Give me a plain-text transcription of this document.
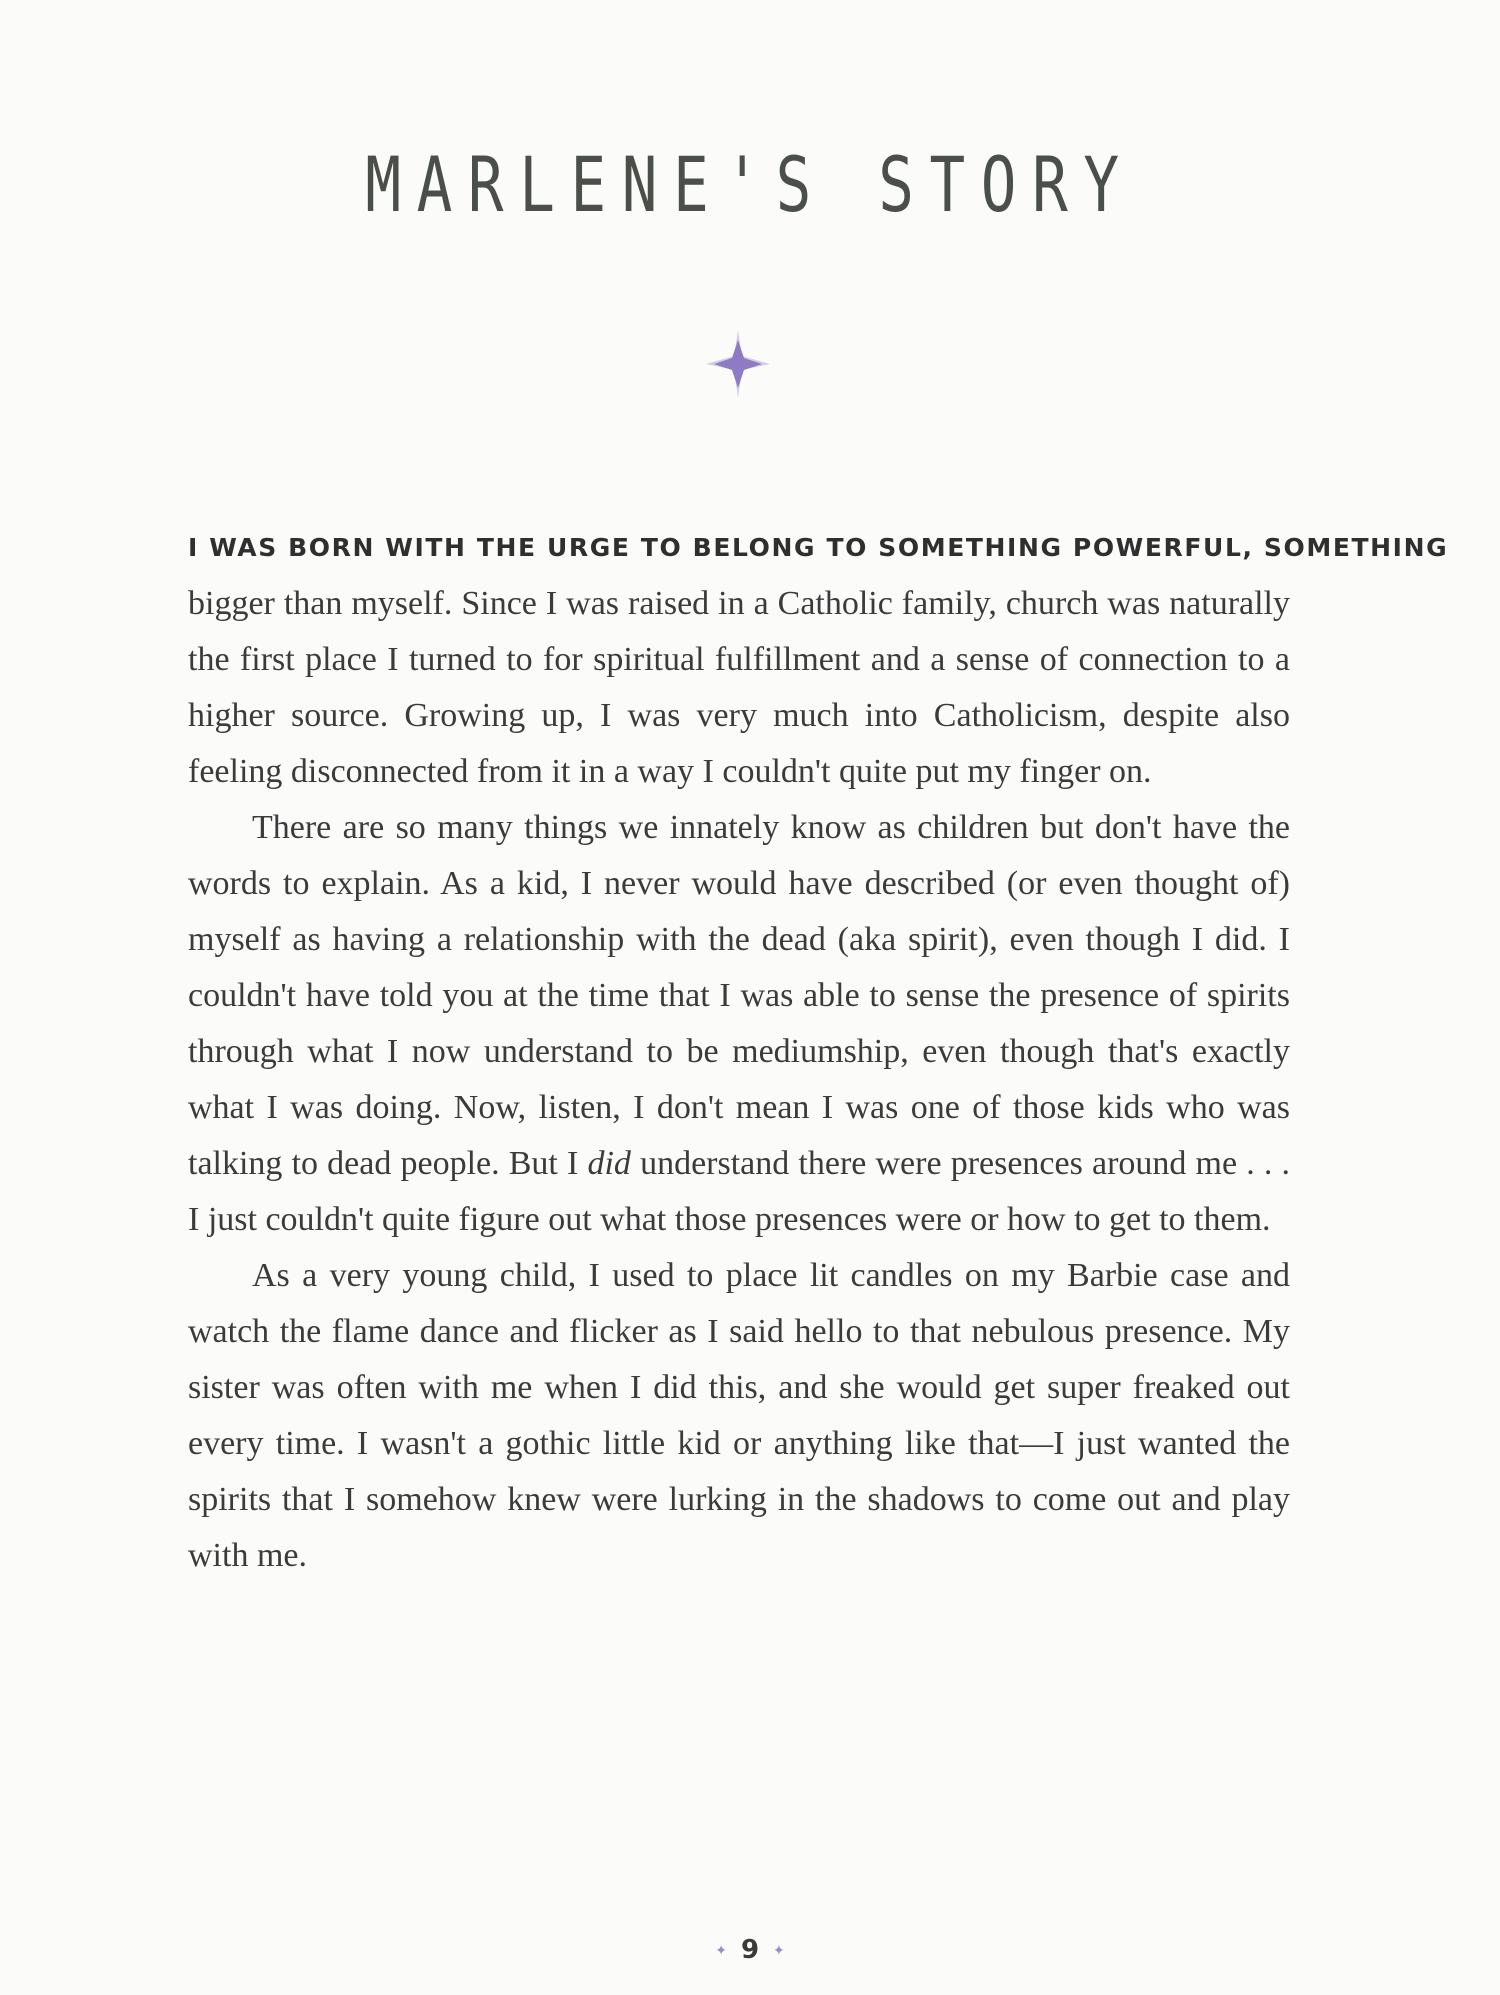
MARLENE'S STORY
I WAS BORN WITH THE URGE TO BELONG TO SOMETHING POWERFUL, SOMETHING

bigger than myself. Since I was raised in a Catholic family, church was naturally the first place I turned to for spiritual fulfillment and a sense of connection to a higher source. Growing up, I was very much into Catholicism, despite also feeling disconnected from it in a way I couldn't quite put my finger on.

There are so many things we innately know as children but don't have the words to explain. As a kid, I never would have described (or even thought of) myself as having a relationship with the dead (aka spirit), even though I did. I couldn't have told you at the time that I was able to sense the presence of spirits through what I now understand to be mediumship, even though that's exactly what I was doing. Now, listen, I don't mean I was one of those kids who was talking to dead people. But I did understand there were presences around me . . . I just couldn't quite figure out what those presences were or how to get to them.

As a very young child, I used to place lit candles on my Barbie case and watch the flame dance and flicker as I said hello to that nebulous presence. My sister was often with me when I did this, and she would get super freaked out every time. I wasn't a gothic little kid or anything like that—I just wanted the spirits that I somehow knew were lurking in the shadows to come out and play with me.

✦ 9 ✦
